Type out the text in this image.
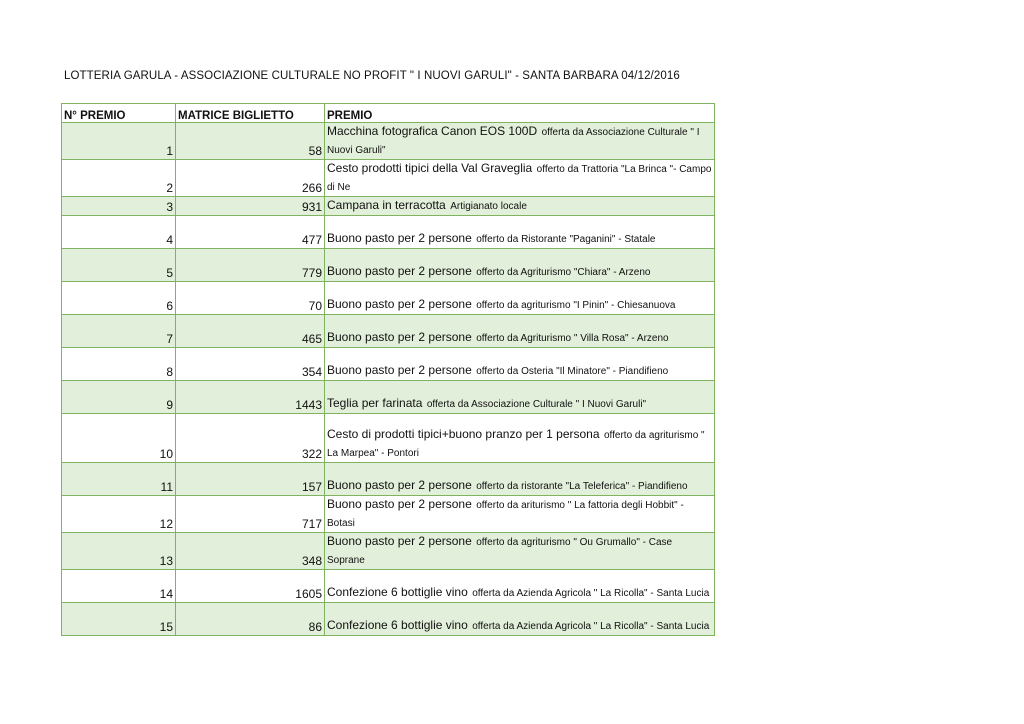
LOTTERIA GARULA - ASSOCIAZIONE CULTURALE NO PROFIT " I NUOVI GARULI" - SANTA BARBARA 04/12/2016
N° PREMIO	MATRICE BIGLIETTO	PREMIO
1	58	Macchina fotografica Canon EOS 100D offerta da Associazione Culturale " I Nuovi Garuli"
2	266	Cesto prodotti tipici della Val Graveglia offerto da Trattoria "La Brinca "- Campo di Ne
3	931	Campana in terracotta Artigianato locale
4	477	Buono pasto per 2 persone offerto da Ristorante "Paganini" - Statale
5	779	Buono pasto per 2 persone offerto da Agriturismo "Chiara" - Arzeno
6	70	Buono pasto per 2 persone offerto da agriturismo "I Pinin" - Chiesanuova
7	465	Buono pasto per 2 persone offerto da Agriturismo " Villa Rosa" - Arzeno
8	354	Buono pasto per 2 persone offerto da Osteria "Il Minatore" - Piandifieno
9	1443	Teglia per farinata offerta da Associazione Culturale " I Nuovi Garuli"
10	322	Cesto di prodotti tipici+buono pranzo per 1 persona offerto da agriturismo " La Marpea" - Pontori
11	157	Buono pasto per 2 persone offerto da ristorante "La Teleferica" - Piandifieno
12	717	Buono pasto per 2 persone offerto da ariturismo " La fattoria degli Hobbit" - Botasi
13	348	Buono pasto per 2 persone offerto da agriturismo " Ou Grumallo" - Case Soprane
14	1605	Confezione 6 bottiglie vino offerta da Azienda Agricola " La Ricolla" - Santa Lucia
15	86	Confezione 6 bottiglie vino offerta da Azienda Agricola " La Ricolla" - Santa Lucia
